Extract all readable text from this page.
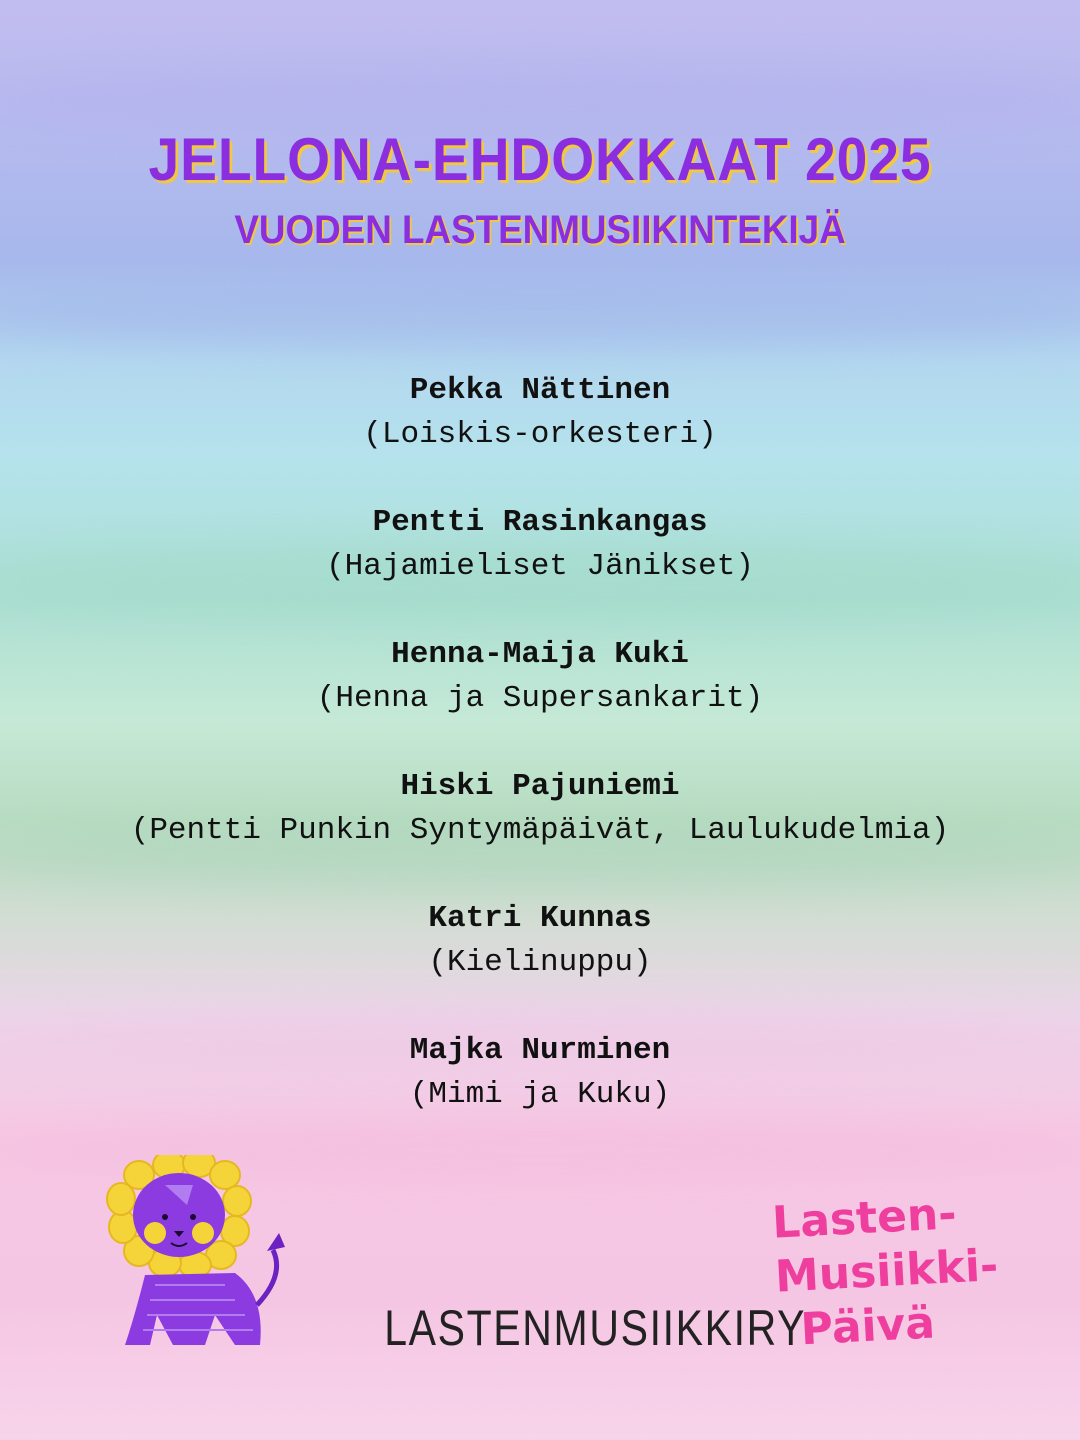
JELLONA-EHDOKKAAT 2025
VUODEN LASTENMUSIIKINTEKIJÄ
Pekka Nättinen
(Loiskis-orkesteri)
Pentti Rasinkangas
(Hajamieliset Jänikset)
Henna-Maija Kuki
(Henna ja Supersankarit)
Hiski Pajuniemi
(Pentti Punkin Syntymäpäivät, Laulukudelmia)
Katri Kunnas
(Kielinuppu)
Majka Nurminen
(Mimi ja Kuku)
LASTENMUSIIKKIRY
Lasten-
Musiikki-
Päivä
